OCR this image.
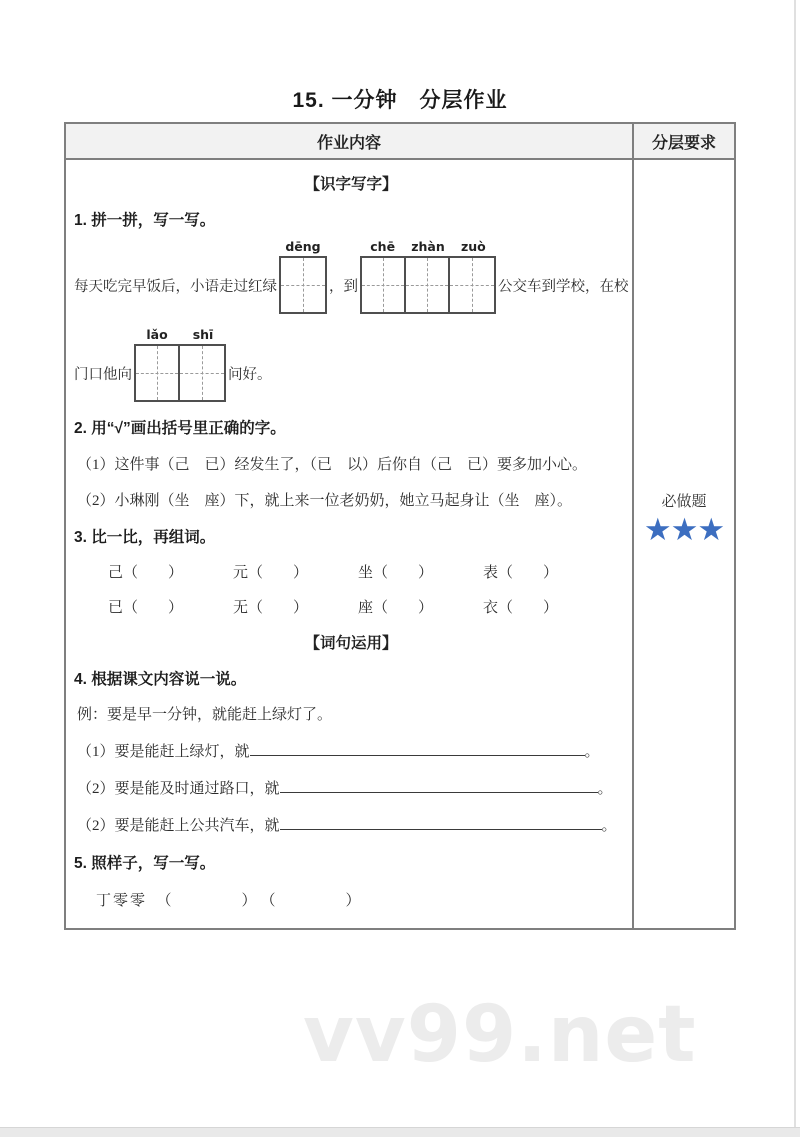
15. 一分钟　分层作业
作业内容	分层要求
【识字写字】
1. 拼一拼，写一写。
每天吃完早饭后，小语走过红绿
dēng
，到
chē	zhàn	zuò
公交车到学校，在校
门口他向
lǎo	shī
问好。
2. 用“√”画出括号里正确的字。
（1）这件事（己　已）经发生了，（已　以）后你自（己　已）要多加小心。
（2）小琳刚（坐　座）下，就上来一位老奶奶，她立马起身让（坐　座）。
3. 比一比，再组词。
己（　　）	元（　　）	坐（　　）	表（　　）
已（　　）	无（　　）	座（　　）	衣（　　）
【词句运用】
4. 根据课文内容说一说。
例：要是早一分钟，就能赶上绿灯了。
（1）要是能赶上绿灯，就	。
（2）要是能及时通过路口，就	。
（2）要是能赶上公共汽车，就	。
5. 照样子，写一写。
丁零零　（　　　　）　（　　　　）
必做题
★★★
vv99.net
